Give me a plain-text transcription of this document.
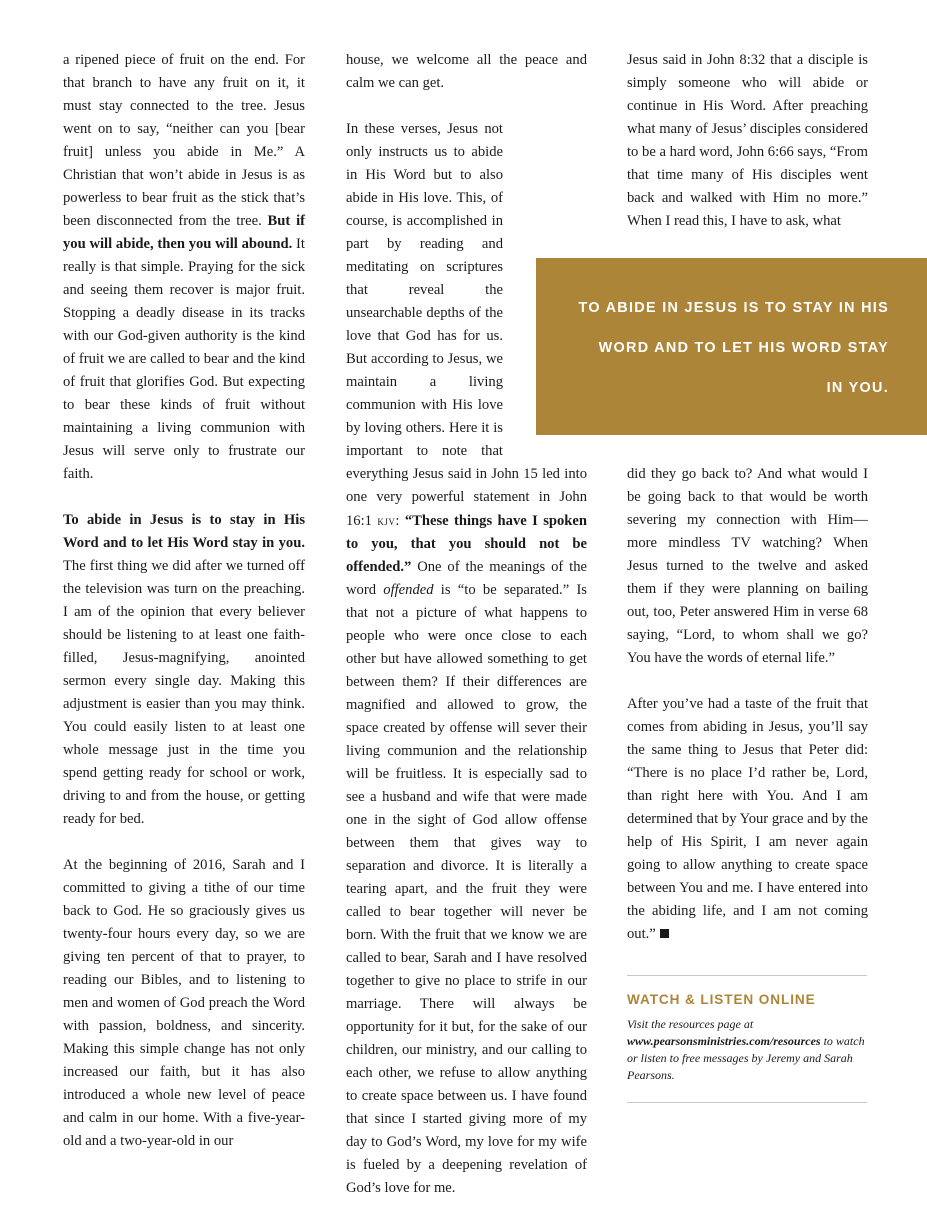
a ripened piece of fruit on the end. For that branch to have any fruit on it, it must stay connected to the tree. Jesus went on to say, “neither can you [bear fruit] unless you abide in Me.” A Christian that won’t abide in Jesus is as powerless to bear fruit as the stick that’s been disconnected from the tree. But if you will abide, then you will abound. It really is that simple. Praying for the sick and seeing them recover is major fruit. Stopping a deadly disease in its tracks with our God-given authority is the kind of fruit we are called to bear and the kind of fruit that glorifies God. But expecting to bear these kinds of fruit without maintaining a living communion with Jesus will serve only to frustrate our faith.

To abide in Jesus is to stay in His Word and to let His Word stay in you. The first thing we did after we turned off the television was turn on the preaching. I am of the opinion that every believer should be listening to at least one faith-filled, Jesus-magnifying, anointed sermon every single day. Making this adjustment is easier than you may think. You could easily listen to at least one whole message just in the time you spend getting ready for school or work, driving to and from the house, or getting ready for bed.

At the beginning of 2016, Sarah and I committed to giving a tithe of our time back to God. He so graciously gives us twenty-four hours every day, so we are giving ten percent of that to prayer, to reading our Bibles, and to listening to men and women of God preach the Word with passion, boldness, and sincerity. Making this simple change has not only increased our faith, but it has also introduced a whole new level of peace and calm in our home. With a five-year-old and a two-year-old in our

house, we welcome all the peace and calm we can get.

In these verses, Jesus not only instructs us to abide in His Word but to also abide in His love. This, of course, is accomplished in part by reading and meditating on scriptures that reveal the unsearchable depths of the love that God has for us. But according to Jesus, we maintain a living communion with His love by loving others. Here it is important to note that everything Jesus said in John 15 led into one very powerful statement in John 16:1 kjv: “These things have I spoken to you, that you should not be offended.” One of the meanings of the word offended is “to be separated.” Is that not a picture of what happens to people who were once close to each other but have allowed something to get between them? If their differences are magnified and allowed to grow, the space created by offense will sever their living communion and the relationship will be fruitless. It is especially sad to see a husband and wife that were made one in the sight of God allow offense between them that gives way to separation and divorce. It is literally a tearing apart, and the fruit they were called to bear together will never be born. With the fruit that we know we are called to bear, Sarah and I have resolved together to give no place to strife in our marriage. There will always be opportunity for it but, for the sake of our children, our ministry, and our calling to each other, we refuse to allow anything to create space between us. I have found that since I started giving more of my day to God’s Word, my love for my wife is fueled by a deepening revelation of God’s love for me.

Jesus said in John 8:32 that a disciple is simply someone who will abide or continue in His Word. After preaching what many of Jesus’ disciples considered to be a hard word, John 6:66 says, “From that time many of His disciples went back and walked with Him no more.” When I read this, I have to ask, what

TO ABIDE IN JESUS IS TO STAY IN HIS
WORD AND TO LET HIS WORD STAY
IN YOU.

did they go back to? And what would I be going back to that would be worth severing my connection with Him—more mindless TV watching? When Jesus turned to the twelve and asked them if they were planning on bailing out, too, Peter answered Him in verse 68 saying, “Lord, to whom shall we go? You have the words of eternal life.”

After you’ve had a taste of the fruit that comes from abiding in Jesus, you’ll say the same thing to Jesus that Peter did: “There is no place I’d rather be, Lord, than right here with You. And I am determined that by Your grace and by the help of His Spirit, I am never again going to allow anything to create space between You and me. I have entered into the abiding life, and I am not coming out.”

WATCH & LISTEN ONLINE

Visit the resources page at www.pearsonsministries.com/resources to watch or listen to free messages by Jeremy and Sarah Pearsons.
